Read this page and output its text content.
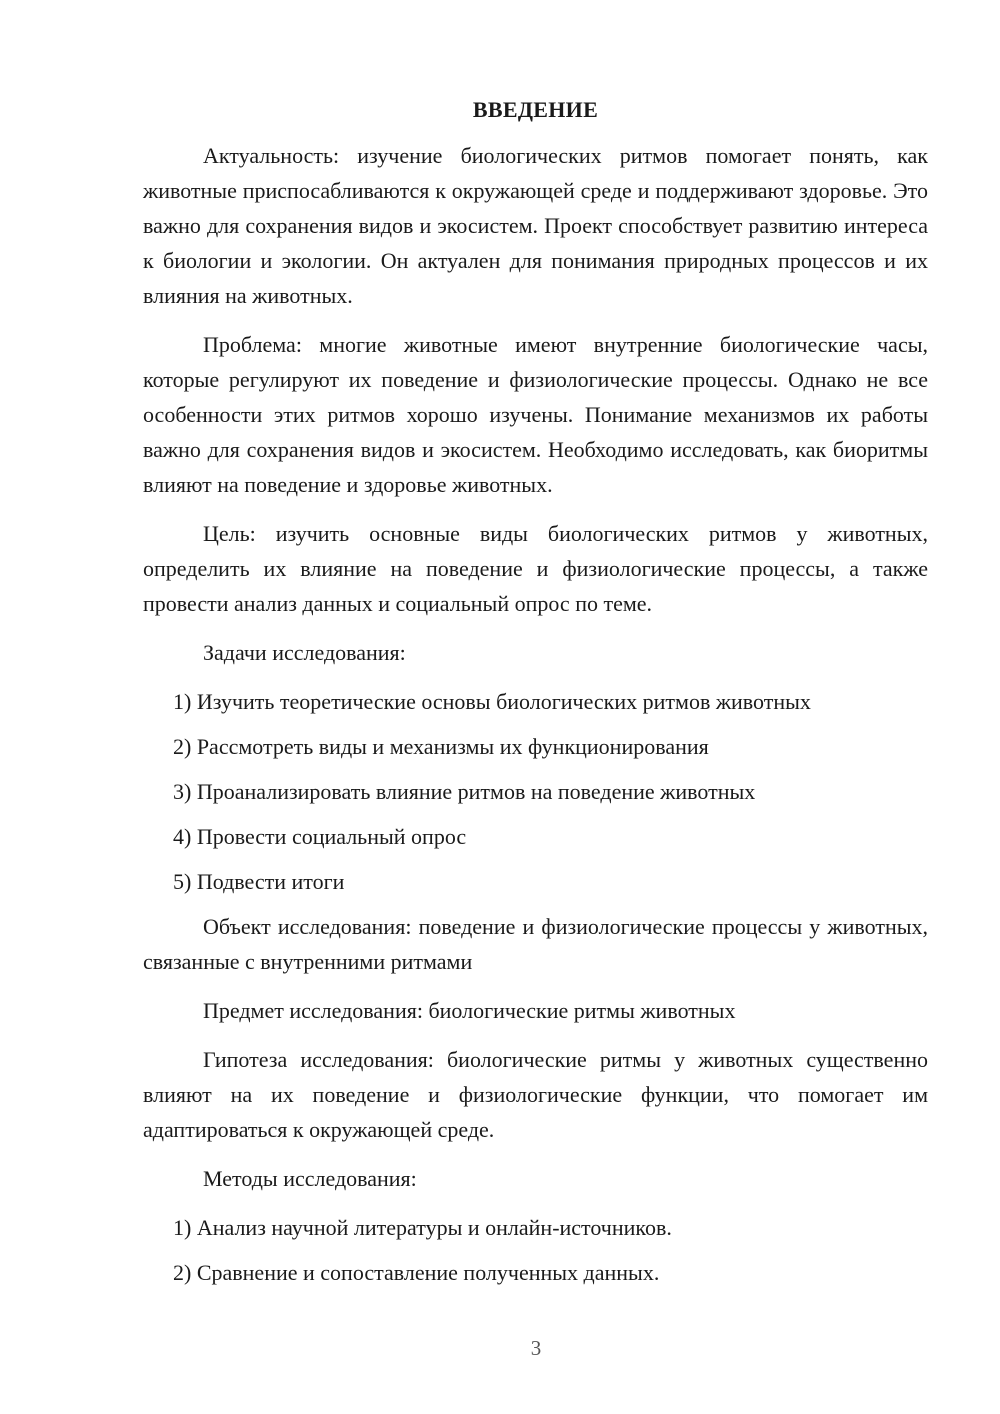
ВВЕДЕНИЕ

Актуальность: изучение биологических ритмов помогает понять, как животные приспосабливаются к окружающей среде и поддерживают здоровье. Это важно для сохранения видов и экосистем. Проект способствует развитию интереса к биологии и экологии. Он актуален для понимания природных процессов и их влияния на животных.

Проблема: многие животные имеют внутренние биологические часы, которые регулируют их поведение и физиологические процессы. Однако не все особенности этих ритмов хорошо изучены. Понимание механизмов их работы важно для сохранения видов и экосистем. Необходимо исследовать, как биоритмы влияют на поведение и здоровье животных.

Цель: изучить основные виды биологических ритмов у животных, определить их влияние на поведение и физиологические процессы, а также провести анализ данных и социальный опрос по теме.

Задачи исследования:

1) Изучить теоретические основы биологических ритмов животных
2) Рассмотреть виды и механизмы их функционирования
3) Проанализировать влияние ритмов на поведение животных
4) Провести социальный опрос
5) Подвести итоги

Объект исследования: поведение и физиологические процессы у животных, связанные с внутренними ритмами

Предмет исследования: биологические ритмы животных

Гипотеза исследования: биологические ритмы у животных существенно влияют на их поведение и физиологические функции, что помогает им адаптироваться к окружающей среде.

Методы исследования:

1) Анализ научной литературы и онлайн-источников.
2) Сравнение и сопоставление полученных данных.
3
